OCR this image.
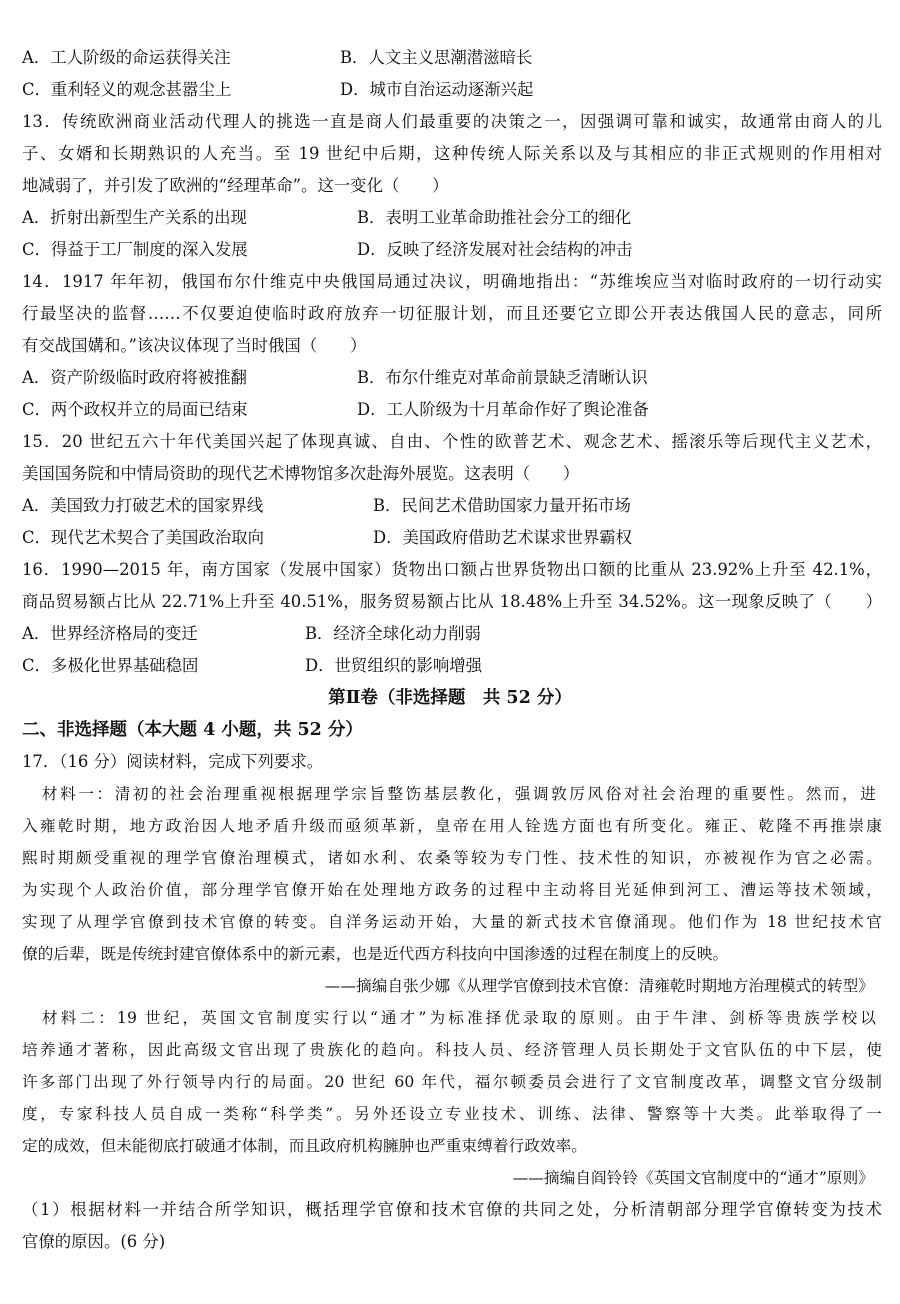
A．工人阶级的命运获得关注	B．人文主义思潮潜滋暗长
C．重利轻义的观念甚嚣尘上	D．城市自治运动逐渐兴起
13．传统欧洲商业活动代理人的挑选一直是商人们最重要的决策之一，因强调可靠和诚实，故通常由商人的儿
子、女婿和长期熟识的人充当。至 19 世纪中后期，这种传统人际关系以及与其相应的非正式规则的作用相对
地减弱了，并引发了欧洲的“经理革命”。这一变化（　　）
A．折射出新型生产关系的出现	B．表明工业革命助推社会分工的细化
C．得益于工厂制度的深入发展	D．反映了经济发展对社会结构的冲击
14．1917 年年初，俄国布尔什维克中央俄国局通过决议，明确地指出：“苏维埃应当对临时政府的一切行动实
行最坚决的监督……不仅要迫使临时政府放弃一切征服计划，而且还要它立即公开表达俄国人民的意志，同所
有交战国媾和。”该决议体现了当时俄国（　　）
A．资产阶级临时政府将被推翻	B．布尔什维克对革命前景缺乏清晰认识
C．两个政权并立的局面已结束	D．工人阶级为十月革命作好了舆论准备
15．20 世纪五六十年代美国兴起了体现真诚、自由、个性的欧普艺术、观念艺术、摇滚乐等后现代主义艺术，
美国国务院和中情局资助的现代艺术博物馆多次赴海外展览。这表明（　　）
A．美国致力打破艺术的国家界线	B．民间艺术借助国家力量开拓市场
C．现代艺术契合了美国政治取向	D．美国政府借助艺术谋求世界霸权
16．1990—2015 年，南方国家（发展中国家）货物出口额占世界货物出口额的比重从 23.92%上升至 42.1%，
商品贸易额占比从 22.71%上升至 40.51%，服务贸易额占比从 18.48%上升至 34.52%。这一现象反映了（　　）
A．世界经济格局的变迁	B．经济全球化动力削弱
C．多极化世界基础稳固	D．世贸组织的影响增强
第Ⅱ卷（非选择题　共 52 分）
二、非选择题（本大题 4 小题，共 52 分）
17．（16 分）阅读材料，完成下列要求。
材料一：清初的社会治理重视根据理学宗旨整饬基层教化，强调敦厉风俗对社会治理的重要性。然而，进
入雍乾时期，地方政治因人地矛盾升级而亟须革新，皇帝在用人铨选方面也有所变化。雍正、乾隆不再推崇康
熙时期颇受重视的理学官僚治理模式，诸如水利、农桑等较为专门性、技术性的知识，亦被视作为官之必需。
为实现个人政治价值，部分理学官僚开始在处理地方政务的过程中主动将目光延伸到河工、漕运等技术领域，
实现了从理学官僚到技术官僚的转变。自洋务运动开始，大量的新式技术官僚涌现。他们作为 18 世纪技术官
僚的后辈，既是传统封建官僚体系中的新元素，也是近代西方科技向中国渗透的过程在制度上的反映。
——摘编自张少娜《从理学官僚到技术官僚：清雍乾时期地方治理模式的转型》
材料二：19 世纪，英国文官制度实行以“通才”为标准择优录取的原则。由于牛津、剑桥等贵族学校以
培养通才著称，因此高级文官出现了贵族化的趋向。科技人员、经济管理人员长期处于文官队伍的中下层，使
许多部门出现了外行领导内行的局面。20 世纪 60 年代，福尔顿委员会进行了文官制度改革，调整文官分级制
度，专家科技人员自成一类称“科学类”。另外还设立专业技术、训练、法律、警察等十大类。此举取得了一
定的成效，但未能彻底打破通才体制，而且政府机构臃肿也严重束缚着行政效率。
——摘编自阎铃铃《英国文官制度中的“通才”原则》
（1）根据材料一并结合所学知识，概括理学官僚和技术官僚的共同之处，分析清朝部分理学官僚转变为技术
官僚的原因。(6 分)
